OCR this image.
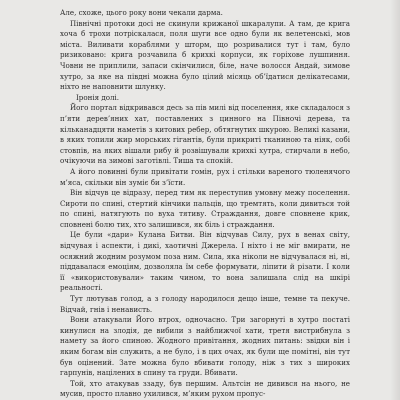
Але, схоже, цього року вони чекали дарма.

Північні протоки досі не скинули крижаної шкаралупи. А там, де крига хоча б трохи потріскалася, поля шуги все одно були як велетенські, мов міста. Виливати кораблями у шторм, що розривалися тут і там, було ризиковано: крига розчавила б крихкі корпуси, як горіхове лушпиння. Човни не приплили, запаси скінчилися, біле, наче волосся Андай, зимове хутро, за яке на півдні можна було цілий місяць об’їдатися делікатесами, ніхто не наповнити шлунку.

Іронія долі.

Його портал відкривався десь за пів милі від поселення, яке складалося з п’яти дерев’яних хат, поставлених з цинного на Півночі дерева, та кільканадцяти наметів з китових ребер, обтягнутих шкурою. Великі казани, в яких топили жир морських гігантів, були прикриті тканиною та ніяк, собі стовпів, на яких вішали рибу й розвішували крихкі хутра, стирчали в небо, очікуючи на зимові заготівлі. Тиша та спокій.

А його повинні були привітати гомін, рух і стільки вареного тюленячого м’яса, скільки він зуміє би з’їсти.

Він відчув це відразу, перед тим як переступив умовну межу поселення. Сироти по спині, стертий кінчики пальців, що тремтять, коли дивиться той по спині, натягують по вуха тятиву. Страждання, довге сповнене крик, сповнені болю тих, хто залишився, як біль і страждання.

Це були «дари» Кулана Битви. Він відчував Силу, рух в венах світу, відчувая і аспекти, і дикі, хаотичні Джерела. І ніхто і не міг вмирати, не осяжний жодним розумом поза ним. Сила, яка ніколи не відчувалася ні, ні, піддавалася емоціям, дозволяла їм себе формувати, ліпити й різати. І коли її «використовували» таким чином, то вона залишала слід на шкірі реальності.

Тут лютував голод, а з голоду народилося дещо інше, темне та пекуче. Відчай, гнів і ненависть.

Вони атакували Його втрох, одночасно. Три загорнуті в хутро постаті кинулися на злодія, де вибили з найближчої хати, третя вистрибнула з намету за його спиною. Жодного привітання, жодних питань: звідки він і яким богам він служить, а не було, і в цих очах, як були ще помітні, він тут був оцінений. Зате можна було вбивати голоду, ніж з тих з широких гарпунів, націлених в спину та груди. Вбивати.

Той, хто атакував ззаду, був першим. Альтсін не дивився на нього, не мусив, просто плавно ухилився, м’яким рухом пропус-
